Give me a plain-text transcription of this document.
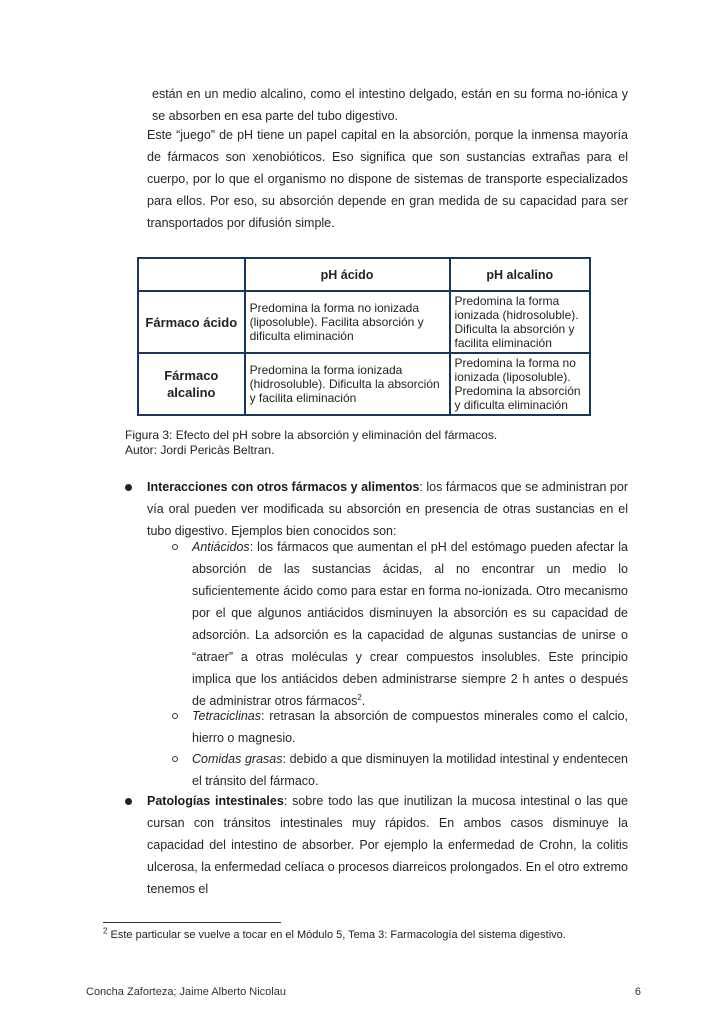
están en un medio alcalino, como el intestino delgado, están en su forma no-iónica y se absorben en esa parte del tubo digestivo.

Este “juego” de pH tiene un papel capital en la absorción, porque la inmensa mayoría de fármacos son xenobióticos. Eso significa que son sustancias extrañas para el cuerpo, por lo que el organismo no dispone de sistemas de transporte especializados para ellos. Por eso, su absorción depende en gran medida de su capacidad para ser transportados por difusión simple.

	pH ácido	pH alcalino
Fármaco ácido	Predomina la forma no ionizada (liposoluble). Facilita absorción y dificulta eliminación	Predomina la forma ionizada (hidrosoluble). Dificulta la absorción y facilita eliminación
Fármaco alcalino	Predomina la forma ionizada (hidrosoluble). Dificulta la absorción y facilita eliminación	Predomina la forma no ionizada (liposoluble). Predomina la absorción y dificulta eliminación
Figura 3: Efecto del pH sobre la absorción y eliminación del fármacos.
Autor: Jordi Pericàs Beltran.

Interacciones con otros fármacos y alimentos: los fármacos que se administran por vía oral pueden ver modificada su absorción en presencia de otras sustancias en el tubo digestivo. Ejemplos bien conocidos son:

Antiácidos: los fármacos que aumentan el pH del estómago pueden afectar la absorción de las sustancias ácidas, al no encontrar un medio lo suficientemente ácido como para estar en forma no-ionizada. Otro mecanismo por el que algunos antiácidos disminuyen la absorción es su capacidad de adsorción. La adsorción es la capacidad de algunas sustancias de unirse o “atraer” a otras moléculas y crear compuestos insolubles. Este principio implica que los antiácidos deben administrarse siempre 2 h antes o después de administrar otros fármacos$^2$.

Tetraciclinas: retrasan la absorción de compuestos minerales como el calcio, hierro o magnesio.

Comidas grasas: debido a que disminuyen la motilidad intestinal y endentecen el tránsito del fármaco.

Patologías intestinales: sobre todo las que inutilizan la mucosa intestinal o las que cursan con tránsitos intestinales muy rápidos. En ambos casos disminuye la capacidad del intestino de absorber. Por ejemplo la enfermedad de Crohn, la colitis ulcerosa, la enfermedad celíaca o procesos diarreicos prolongados. En el otro extremo tenemos el

$^2$ Este particular se vuelve a tocar en el Módulo 5, Tema 3: Farmacología del sistema digestivo.

Concha Zaforteza; Jaime Alberto Nicolau	6
